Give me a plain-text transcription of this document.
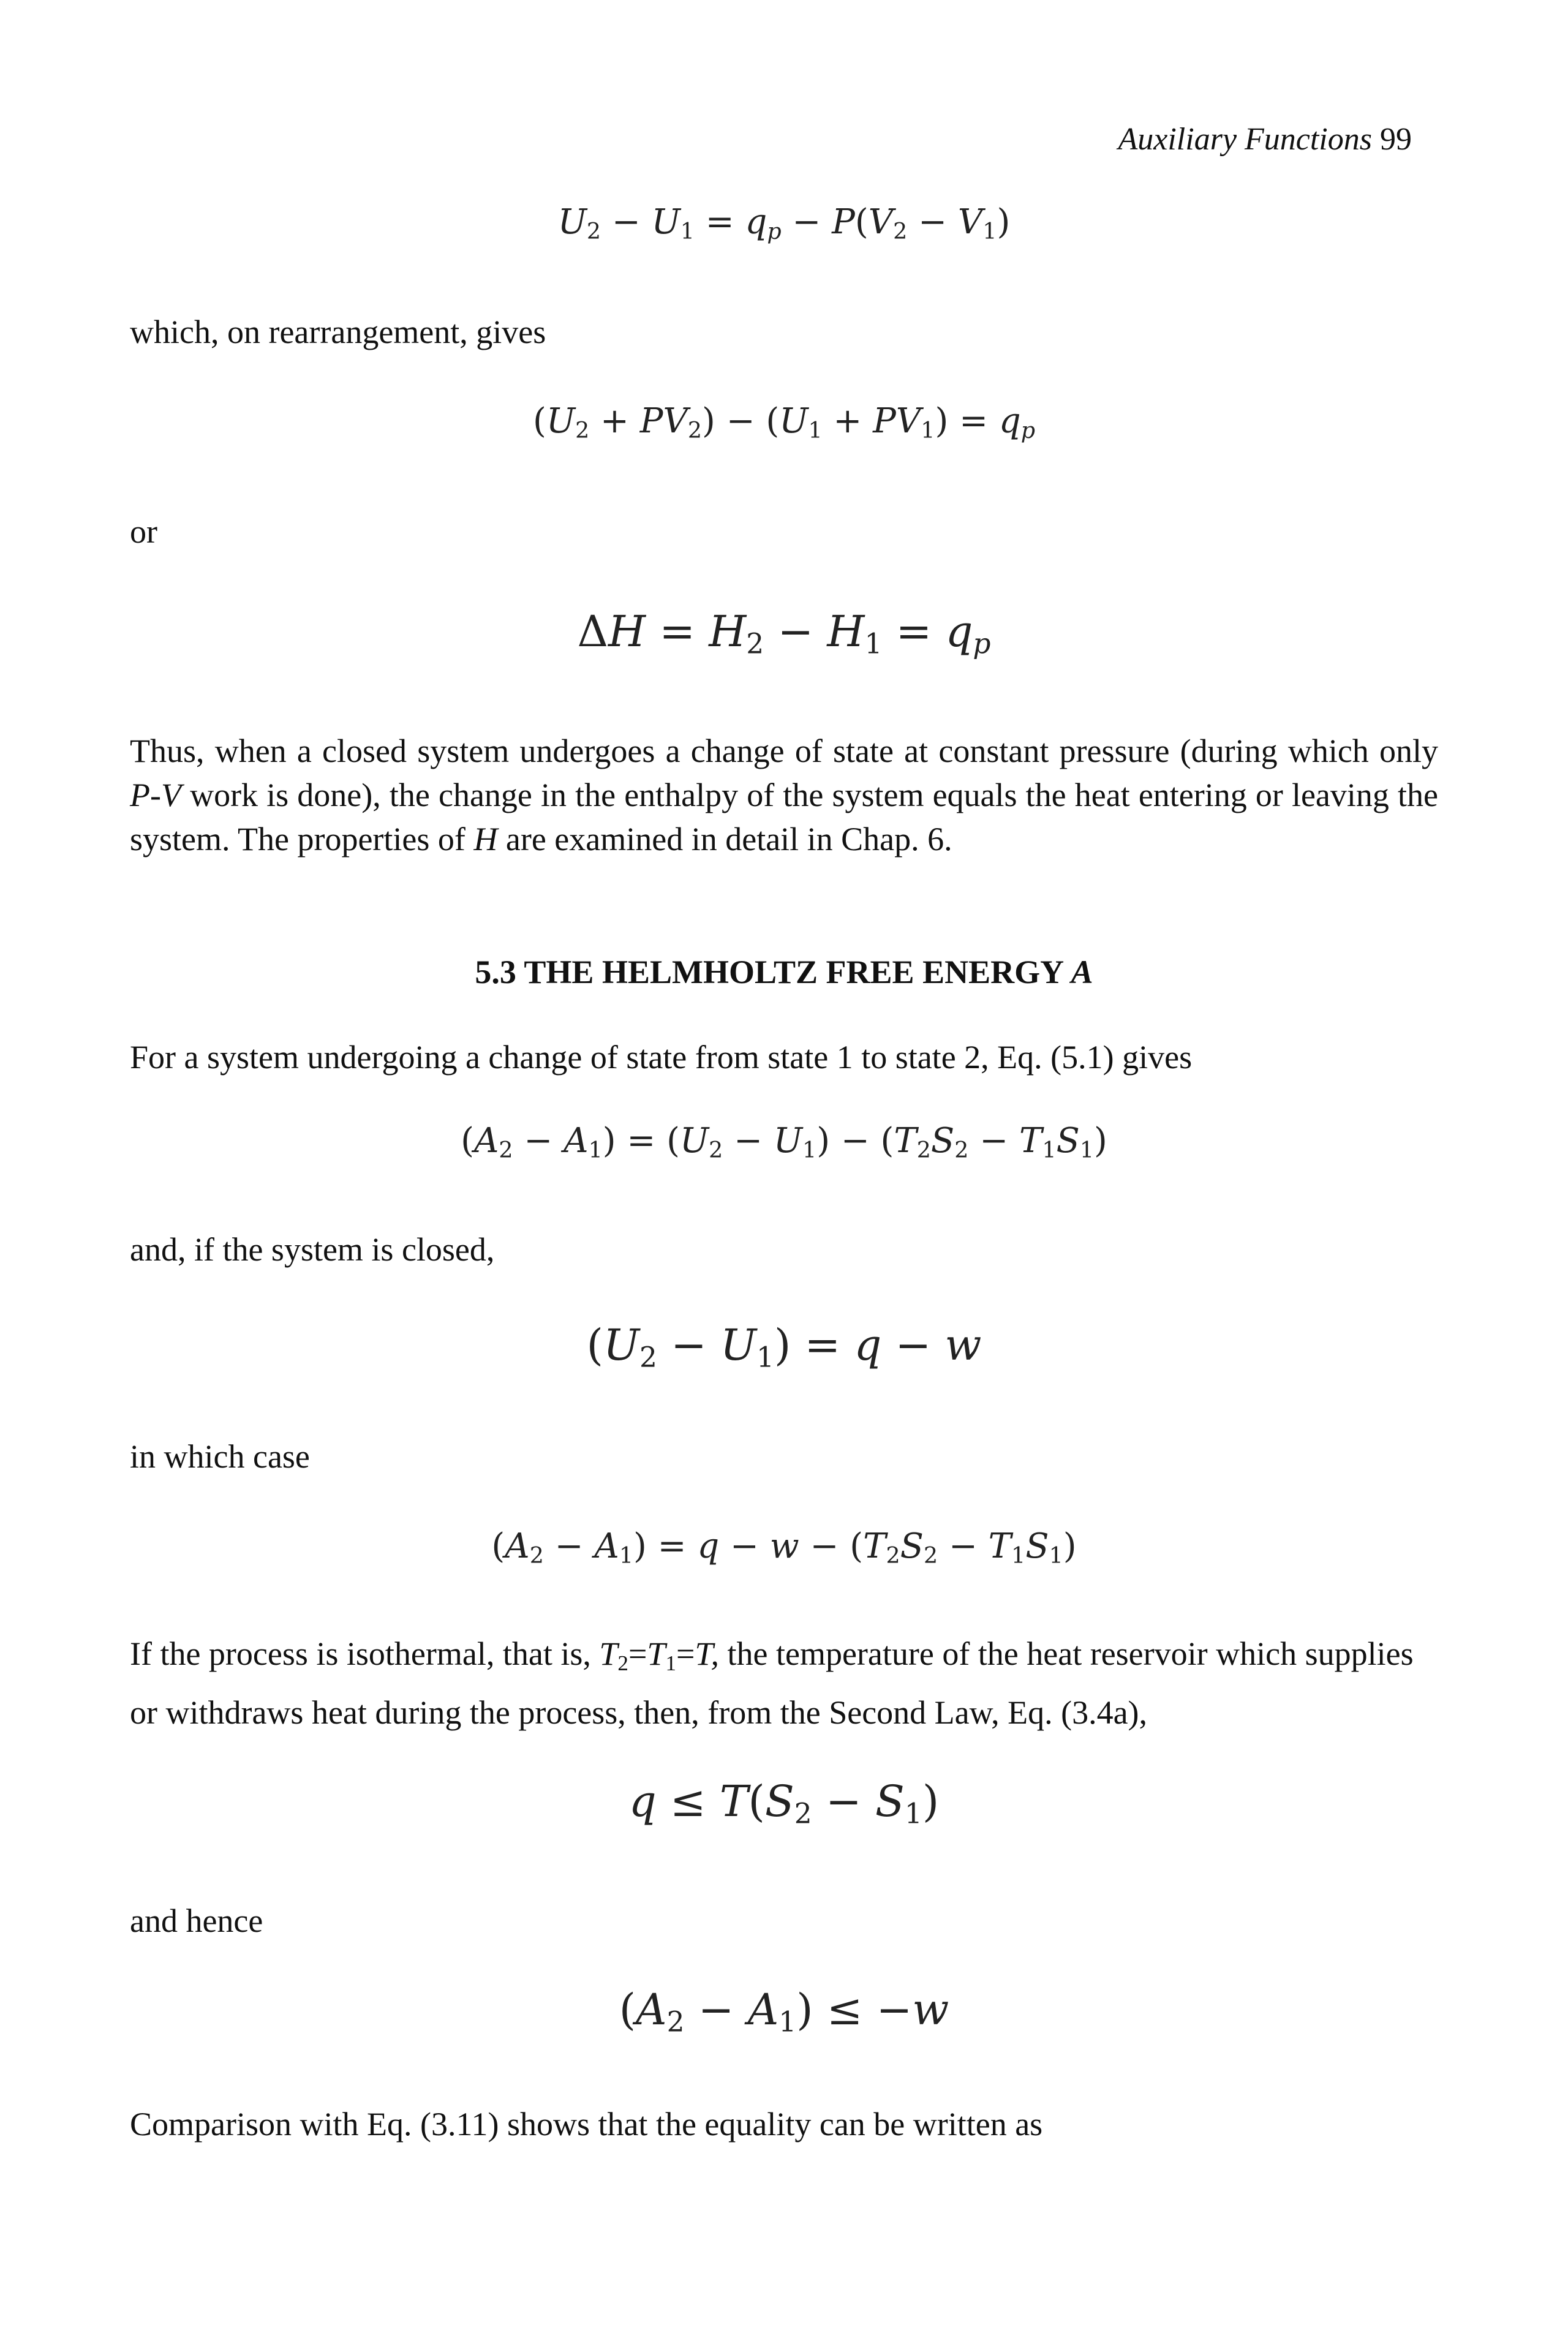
Auxiliary Functions 99
$U_2 - U_1 = q_p - P(V_2 - V_1)$

which, on rearrangement, gives

$(U_2 + PV_2) - (U_1 + PV_1) = q_p$

or

$\Delta H = H_2 - H_1 = q_p$

Thus, when a closed system undergoes a change of state at constant pressure (during which only P-V work is done), the change in the enthalpy of the system equals the heat entering or leaving the system. The properties of H are examined in detail in Chap. 6.

5.3 THE HELMHOLTZ FREE ENERGY A

For a system undergoing a change of state from state 1 to state 2, Eq. (5.1) gives

$(A_2 - A_1) = (U_2 - U_1) - (T_2S_2 - T_1S_1)$

and, if the system is closed,

$(U_2 - U_1) = q - w$

in which case

$(A_2 - A_1) = q - w - (T_2S_2 - T_1S_1)$

If the process is isothermal, that is, $T_2=T_1=T$, the temperature of the heat reservoir which supplies or withdraws heat during the process, then, from the Second Law, Eq. (3.4a),

$q \le T(S_2 - S_1)$

and hence

$(A_2 - A_1) \le -w$

Comparison with Eq. (3.11) shows that the equality can be written as
